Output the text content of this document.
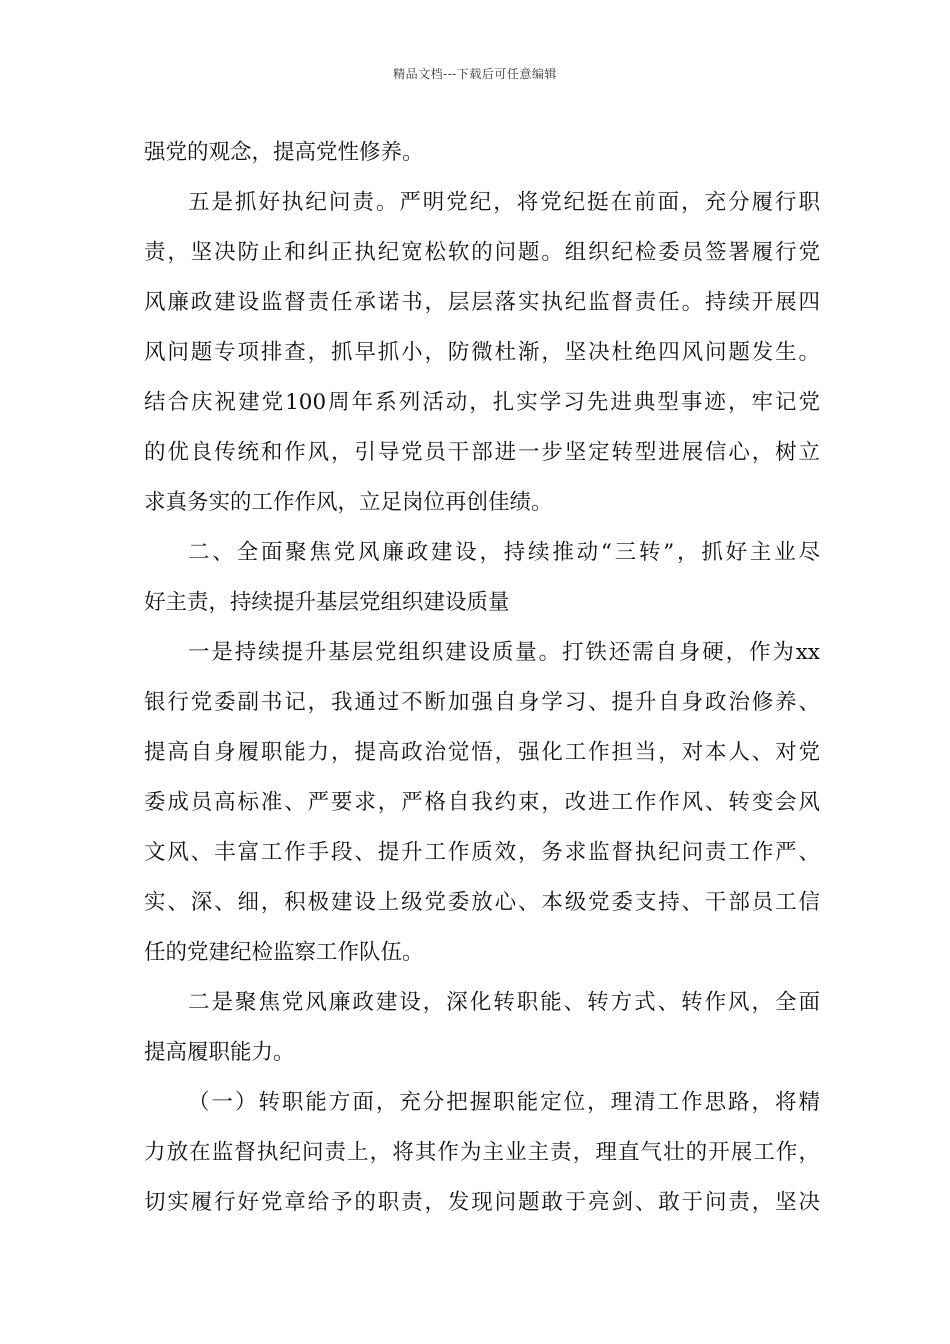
精品文档---下载后可任意编辑
强党的观念，提高党性修养。
五是抓好执纪问责。严明党纪，将党纪挺在前面，充分履行职
责，坚决防止和纠正执纪宽松软的问题。组织纪检委员签署履行党
风廉政建设监督责任承诺书，层层落实执纪监督责任。持续开展四
风问题专项排查，抓早抓小，防微杜渐，坚决杜绝四风问题发生。
结合庆祝建党100周年系列活动，扎实学习先进典型事迹，牢记党
的优良传统和作风，引导党员干部进一步坚定转型进展信心，树立
求真务实的工作作风，立足岗位再创佳绩。
二、全面聚焦党风廉政建设，持续推动“三转”，抓好主业尽
好主责，持续提升基层党组织建设质量
一是持续提升基层党组织建设质量。打铁还需自身硬，作为xx
银行党委副书记，我通过不断加强自身学习、提升自身政治修养、
提高自身履职能力，提高政治觉悟，强化工作担当，对本人、对党
委成员高标准、严要求，严格自我约束，改进工作作风、转变会风
文风、丰富工作手段、提升工作质效，务求监督执纪问责工作严、
实、深、细，积极建设上级党委放心、本级党委支持、干部员工信
任的党建纪检监察工作队伍。
二是聚焦党风廉政建设，深化转职能、转方式、转作风，全面
提高履职能力。
（一）转职能方面，充分把握职能定位，理清工作思路，将精
力放在监督执纪问责上，将其作为主业主责，理直气壮的开展工作，
切实履行好党章给予的职责，发现问题敢于亮剑、敢于问责，坚决
